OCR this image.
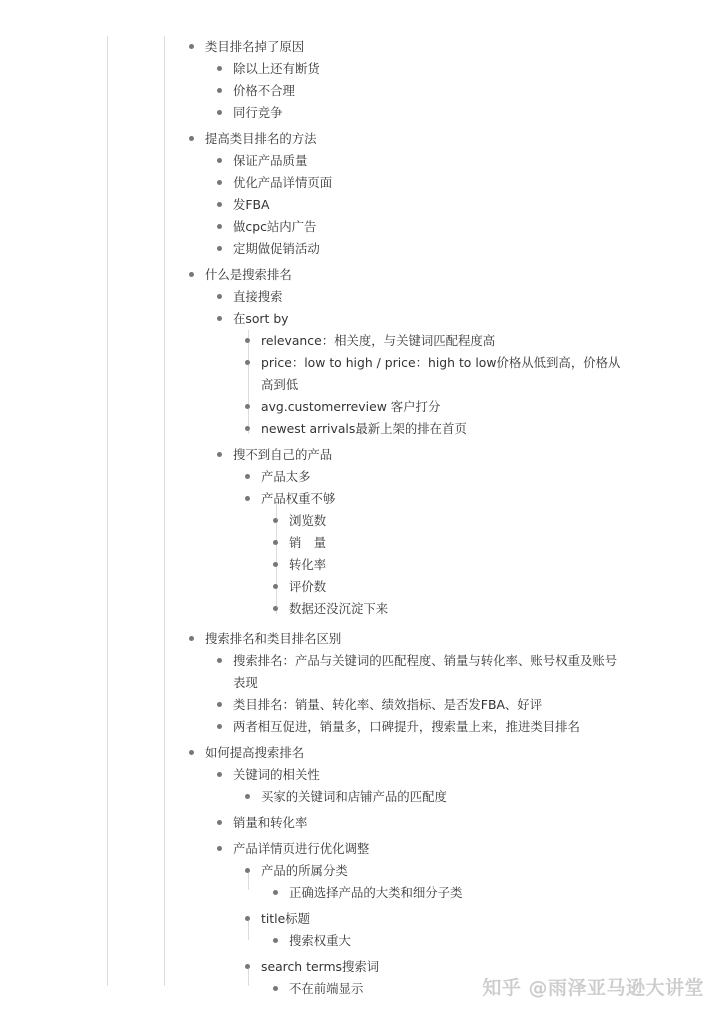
类目排名掉了原因
除以上还有断货
价格不合理
同行竞争
提高类目排名的方法
保证产品质量
优化产品详情页面
发FBA
做cpc站内广告
定期做促销活动
什么是搜索排名
直接搜索
在sort by
relevance：相关度，与关键词匹配程度高
price：low to high / price：high to low价格从低到高，价格从高到低
avg.customerreview 客户打分
newest arrivals最新上架的排在首页
搜不到自己的产品
产品太多
产品权重不够
浏览数
销　量
转化率
评价数
数据还没沉淀下来
搜索排名和类目排名区别
搜索排名：产品与关键词的匹配程度、销量与转化率、账号权重及账号表现
类目排名：销量、转化率、绩效指标、是否发FBA、好评
两者相互促进，销量多，口碑提升，搜索量上来，推进类目排名
如何提高搜索排名
关键词的相关性
买家的关键词和店铺产品的匹配度
销量和转化率
产品详情页进行优化调整
产品的所属分类
正确选择产品的大类和细分子类
title标题
搜索权重大
search terms搜索词
不在前端显示	知乎 @雨泽亚马逊大讲堂
